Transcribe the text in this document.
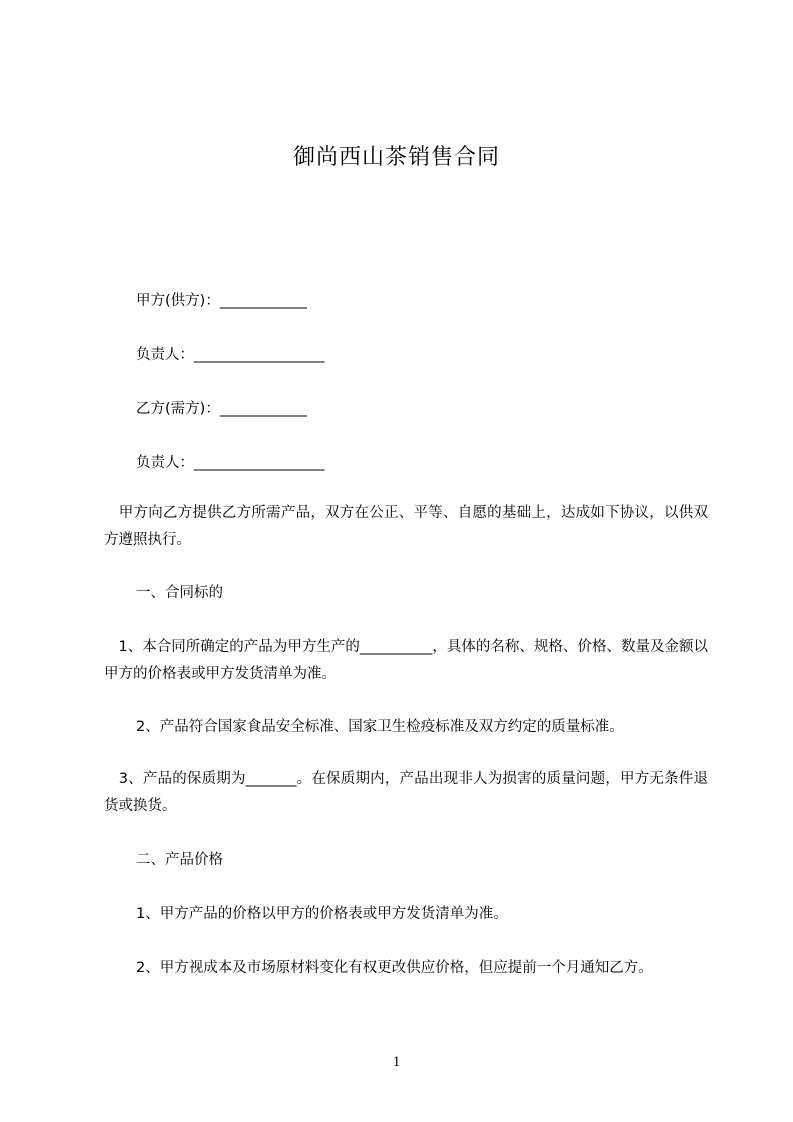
御尚西山茶销售合同
甲方(供方)：____________
负责人：__________________
乙方(需方)：____________
负责人：__________________
　甲方向乙方提供乙方所需产品，双方在公正、平等、自愿的基础上，达成如下协议，以供双方遵照执行。
一、合同标的
　1、本合同所确定的产品为甲方生产的__________，具体的名称、规格、价格、数量及金额以甲方的价格表或甲方发货清单为准。
2、产品符合国家食品安全标准、国家卫生检疫标准及双方约定的质量标准。
　3、产品的保质期为_______。在保质期内，产品出现非人为损害的质量问题，甲方无条件退货或换货。
二、产品价格
1、甲方产品的价格以甲方的价格表或甲方发货清单为准。
2、甲方视成本及市场原材料变化有权更改供应价格，但应提前一个月通知乙方。
1
